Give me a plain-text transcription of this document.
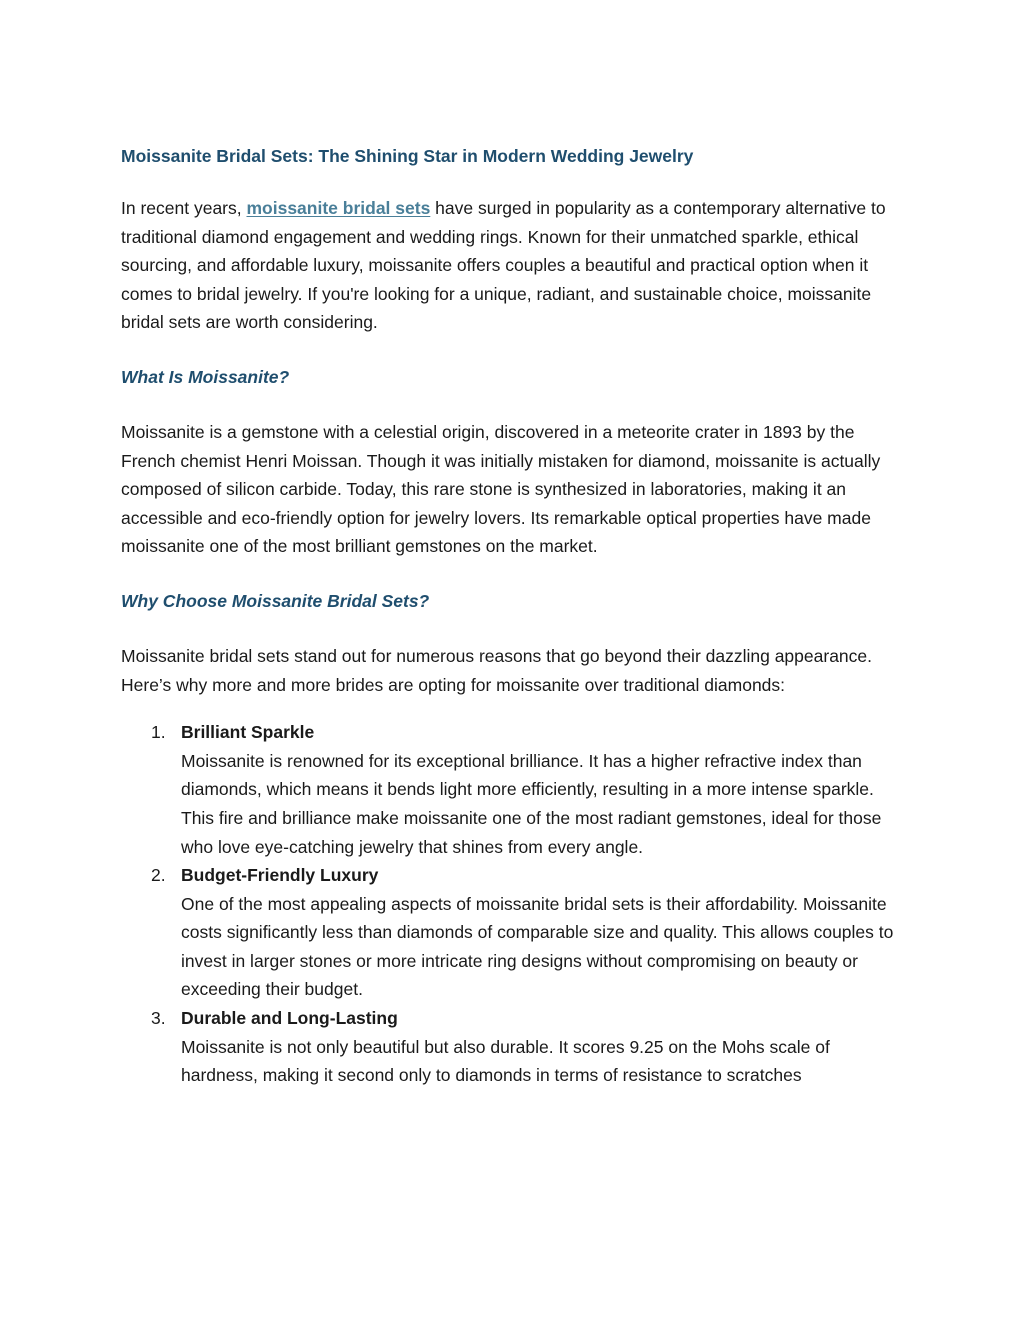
Moissanite Bridal Sets: The Shining Star in Modern Wedding Jewelry

In recent years, moissanite bridal sets have surged in popularity as a contemporary alternative to traditional diamond engagement and wedding rings. Known for their unmatched sparkle, ethical sourcing, and affordable luxury, moissanite offers couples a beautiful and practical option when it comes to bridal jewelry. If you're looking for a unique, radiant, and sustainable choice, moissanite bridal sets are worth considering.

What Is Moissanite?

Moissanite is a gemstone with a celestial origin, discovered in a meteorite crater in 1893 by the French chemist Henri Moissan. Though it was initially mistaken for diamond, moissanite is actually composed of silicon carbide. Today, this rare stone is synthesized in laboratories, making it an accessible and eco-friendly option for jewelry lovers. Its remarkable optical properties have made moissanite one of the most brilliant gemstones on the market.

Why Choose Moissanite Bridal Sets?

Moissanite bridal sets stand out for numerous reasons that go beyond their dazzling appearance. Here’s why more and more brides are opting for moissanite over traditional diamonds:

1. Brilliant Sparkle
Moissanite is renowned for its exceptional brilliance. It has a higher refractive index than diamonds, which means it bends light more efficiently, resulting in a more intense sparkle. This fire and brilliance make moissanite one of the most radiant gemstones, ideal for those who love eye-catching jewelry that shines from every angle.
2. Budget-Friendly Luxury
One of the most appealing aspects of moissanite bridal sets is their affordability. Moissanite costs significantly less than diamonds of comparable size and quality. This allows couples to invest in larger stones or more intricate ring designs without compromising on beauty or exceeding their budget.
3. Durable and Long-Lasting
Moissanite is not only beautiful but also durable. It scores 9.25 on the Mohs scale of hardness, making it second only to diamonds in terms of resistance to scratches
